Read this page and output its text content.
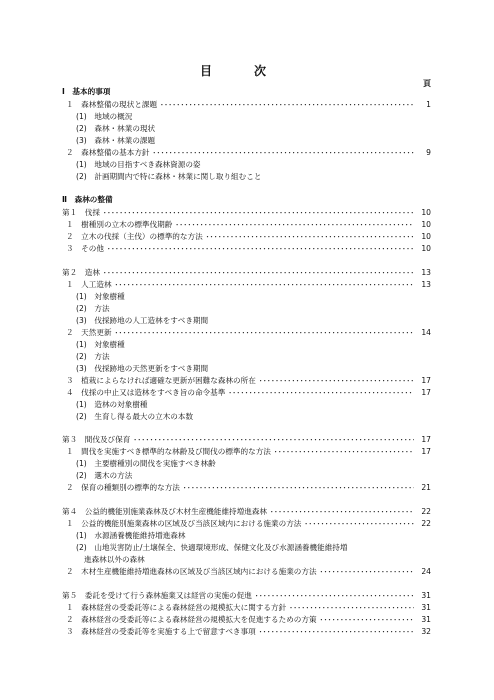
目	次
頁
Ⅰ　基本的事項
Ⅱ　森林の整備
１　森林整備の現状と課題 ･･････････････････････････････････････････････････････････････････････････････････････････････････････････････････････	1
(1)　地域の概況
(2)　森林・林業の現状
(3)　森林・林業の課題
２　森林整備の基本方針 ･･････････････････････････････････････････････････････････････････････････････････････････････････････････････････････	9
(1)　地域の目指すべき森林資源の姿
(2)　計画期間内で特に森林・林業に関し取り組むこと
第１　伐採 ･･････････････････････････････････････････････････････････････････････････････････････････････････････････････････････	10
１　樹種別の立木の標準伐期齢 ･･････････････････････････････････････････････････････････････････････････････････････････････････････････････････････	10
２　立木の伐採（主伐）の標準的な方法 ･･････････････････････････････････････････････････････････････････････････････････････････････････････････････････････	10
３　その他 ･･････････････････････････････････････････････････････････････････････････････････････････････････････････････････････	10
第２　造林 ･･････････････････････････････････････････････････････････････････････････････････････････････････････････････････････	13
１　人工造林 ･･････････････････････････････････････････････････････････････････････････････････････････････････････････････････････	13
(1)　対象樹種
(2)　方法
(3)　伐採跡地の人工造林をすべき期間
２　天然更新 ･･････････････････････････････････････････････････････････････････････････････････････････････････････････････････････	14
(1)　対象樹種
(2)　方法
(3)　伐採跡地の天然更新をすべき期間
３　植栽によらなければ適確な更新が困難な森林の所在 ･･････････････････････････････････････････････････････････････････････････････････････････････････････････････････････	17
４　伐採の中止又は造林をすべき旨の命令基準 ･･････････････････････････････････････････････････････････････････････････････････････････････････････････････････････	17
(1)　造林の対象樹種
(2)　生育し得る最大の立木の本数
第３　間伐及び保育 ･･････････････････････････････････････････････････････････････････････････････････････････････････････････････････････	17
１　間伐を実施すべき標準的な林齢及び間伐の標準的な方法 ･･････････････････････････････････････････････････････････････････････････････････････････････････････････････････････	17
(1)　主要樹種別の間伐を実施すべき林齢
(2)　選木の方法
２　保育の種類別の標準的な方法 ･･････････････････････････････････････････････････････････････････････････････････････････････････････････････････････	21
第４　公益的機能別施業森林及び木材生産機能維持増進森林 ･･････････････････････････････････････････････････････････････････････････････････････････････････････････････････････	22
１　公益的機能別施業森林の区域及び当該区域内における施業の方法 ･･････････････････････････････････････････････････････････････････････････････････････････････････････････････････････	22
(1)　水源涵養機能維持増進森林
(2)　山地災害防止/土壌保全、快適環境形成、保健文化及び水源涵養機能維持増
進森林以外の森林
２　木材生産機能維持増進森林の区域及び当該区域内における施業の方法 ･･････････････････････････････････････････････････････････････････････････････････････････････････････････････････････	24
第５　委託を受けて行う森林施業又は経営の実施の促進 ･･････････････････････････････････････････････････････････････････････････････････････････････････････････････････････	31
１　森林経営の受委託等による森林経営の規模拡大に関する方針 ･･････････････････････････････････････････････････････････････････････････････････････････････････････････････････････	31
２　森林経営の受委託等による森林経営の規模拡大を促進するための方策 ･･････････････････････････････････････････････････････････････････････････････････････････････････････････････････････	31
３　森林経営の受委託等を実施する上で留意すべき事項 ･･････････････････････････････････････････････････････････････････････････････････････････････････････････････････････	32
